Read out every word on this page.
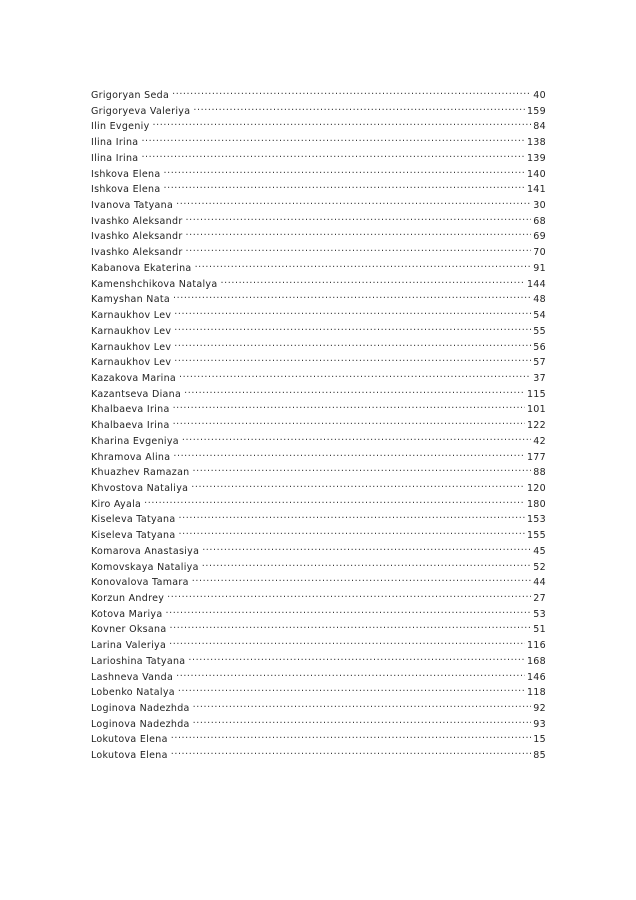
Grigoryan Seda .....	40
Grigoryeva Valeriya .....	159
Ilin Evgeniy .....	84
Ilina Irina .....	138
Ilina Irina .....	139
Ishkova Elena .....	140
Ishkova Elena .....	141
Ivanova Tatyana .....	30
Ivashko Aleksandr .....	68
Ivashko Aleksandr .....	69
Ivashko Aleksandr .....	70
Kabanova Ekaterina .....	91
Kamenshchikova Natalya .....	144
Kamyshan Nata .....	48
Karnaukhov Lev .....	54
Karnaukhov Lev .....	55
Karnaukhov Lev .....	56
Karnaukhov Lev .....	57
Kazakova Marina .....	37
Kazantseva Diana .....	115
Khalbaeva Irina .....	101
Khalbaeva Irina .....	122
Kharina Evgeniya .....	42
Khramova Alina .....	177
Khuazhev Ramazan .....	88
Khvostova Nataliya .....	120
Kiro Ayala .....	180
Kiseleva Tatyana .....	153
Kiseleva Tatyana .....	155
Komarova Anastasiya .....	45
Komovskaya Nataliya .....	52
Konovalova Tamara .....	44
Korzun Andrey .....	27
Kotova Mariya .....	53
Kovner Oksana .....	51
Larina Valeriya .....	116
Larioshina Tatyana .....	168
Lashneva Vanda .....	146
Lobenko Natalya .....	118
Loginova Nadezhda .....	92
Loginova Nadezhda .....	93
Lokutova Elena .....	15
Lokutova Elena .....	85
